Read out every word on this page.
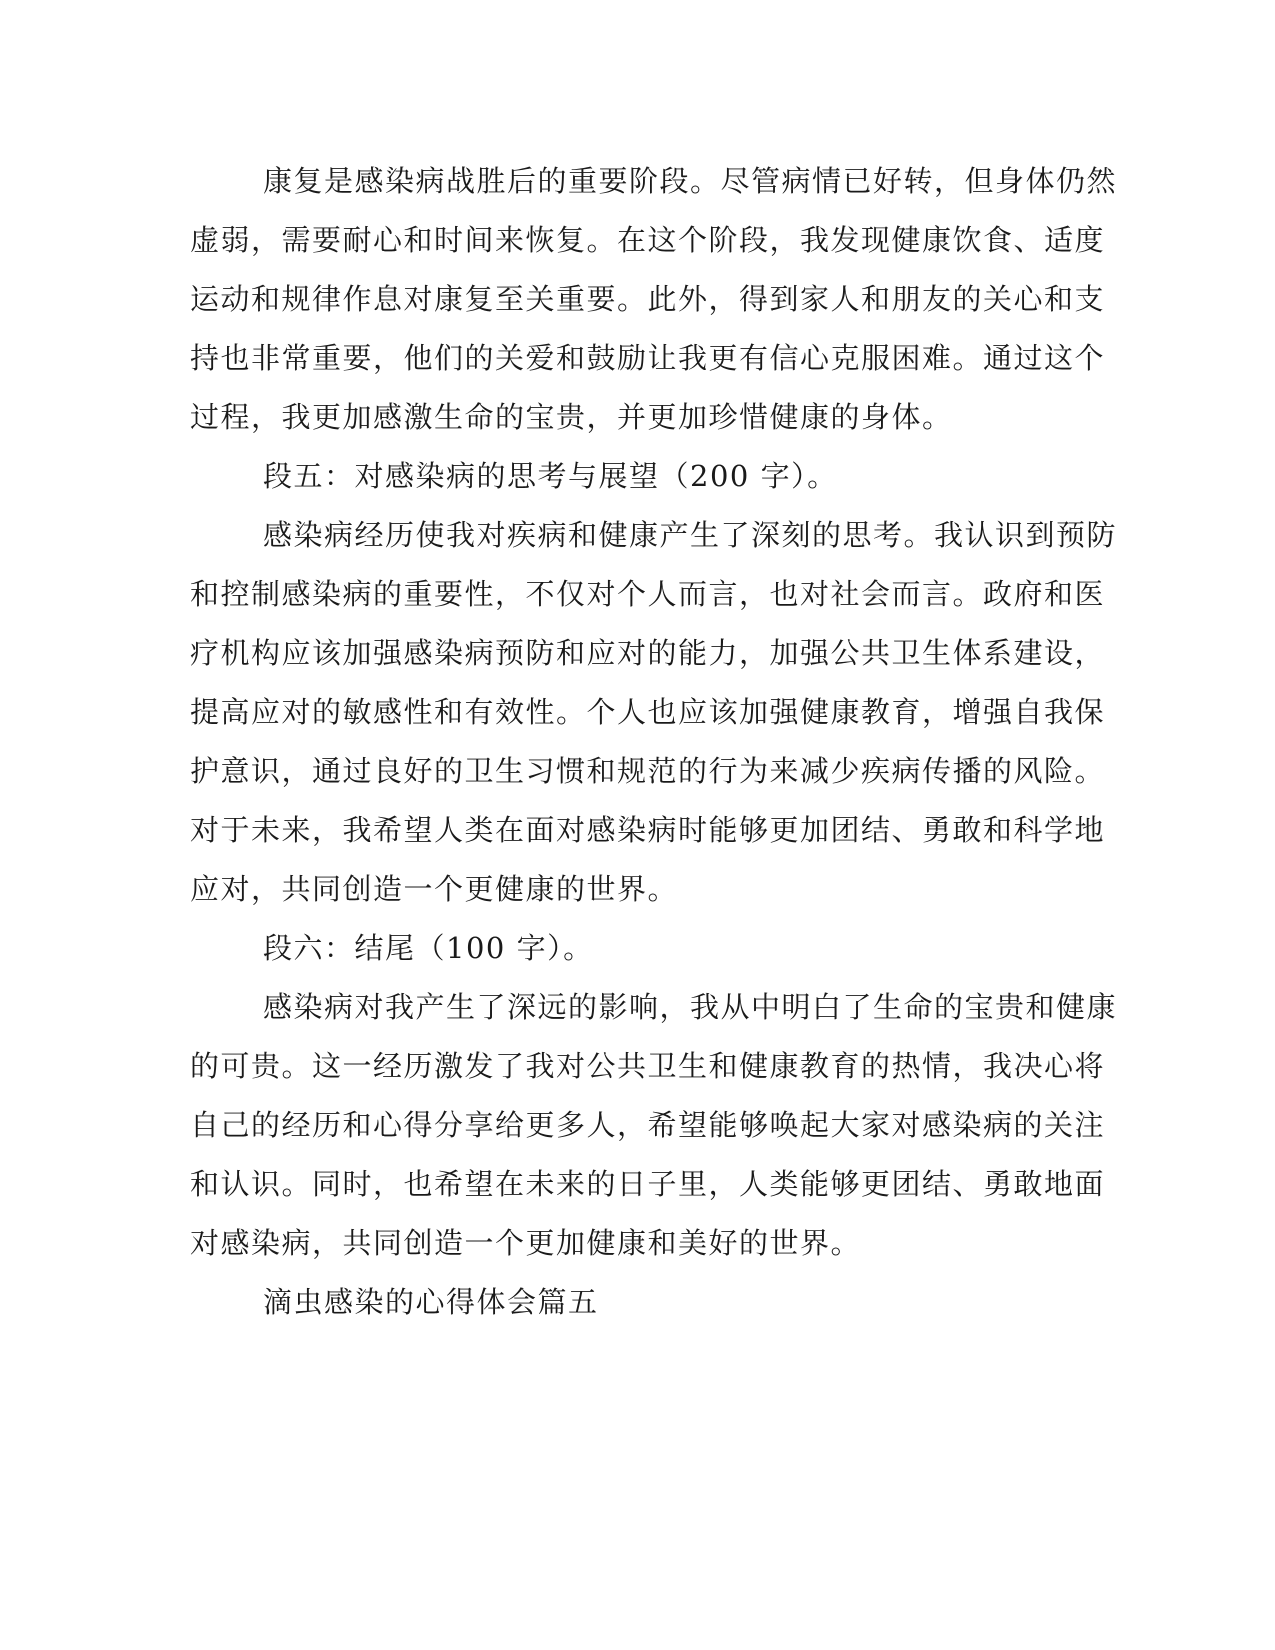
康复是感染病战胜后的重要阶段。尽管病情已好转，但身体仍然
虚弱，需要耐心和时间来恢复。在这个阶段，我发现健康饮食、适度
运动和规律作息对康复至关重要。此外，得到家人和朋友的关心和支
持也非常重要，他们的关爱和鼓励让我更有信心克服困难。通过这个
过程，我更加感激生命的宝贵，并更加珍惜健康的身体。
段五：对感染病的思考与展望（200 字）。
感染病经历使我对疾病和健康产生了深刻的思考。我认识到预防
和控制感染病的重要性，不仅对个人而言，也对社会而言。政府和医
疗机构应该加强感染病预防和应对的能力，加强公共卫生体系建设，
提高应对的敏感性和有效性。个人也应该加强健康教育，增强自我保
护意识，通过良好的卫生习惯和规范的行为来减少疾病传播的风险。
对于未来，我希望人类在面对感染病时能够更加团结、勇敢和科学地
应对，共同创造一个更健康的世界。
段六：结尾（100 字）。
感染病对我产生了深远的影响，我从中明白了生命的宝贵和健康
的可贵。这一经历激发了我对公共卫生和健康教育的热情，我决心将
自己的经历和心得分享给更多人，希望能够唤起大家对感染病的关注
和认识。同时，也希望在未来的日子里，人类能够更团结、勇敢地面
对感染病，共同创造一个更加健康和美好的世界。
滴虫感染的心得体会篇五
